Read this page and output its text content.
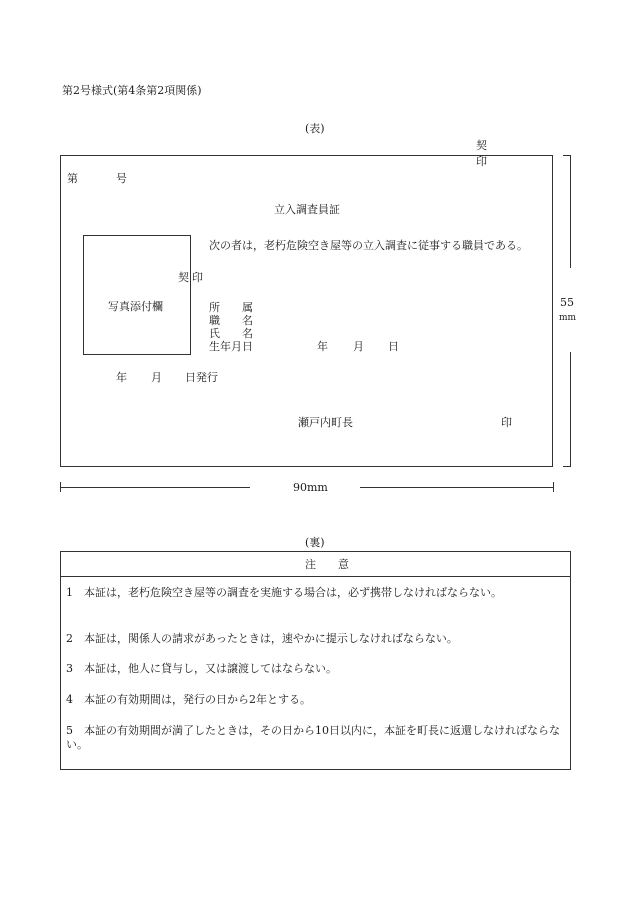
第2号様式(第4条第2項関係)
(表)
契
印
第	号
立入調査員証
写真添付欄
次の者は，老朽危険空き屋等の立入調査に従事する職員である。
契 印
所　　属
職　　名
氏　　名
生年月日	年 月 日
年 月 日発行
瀬戸内町長	印
55
mm
90mm
(裏)
注　　意
1　本証は，老朽危険空き屋等の調査を実施する場合は，必ず携帯しなければならない。
2　本証は，関係人の請求があったときは，速やかに提示しなければならない。
3　本証は，他人に貸与し，又は譲渡してはならない。
4　本証の有効期間は，発行の日から2年とする。
5　本証の有効期間が満了したときは，その日から10日以内に，本証を町長に返還しなければならない。
